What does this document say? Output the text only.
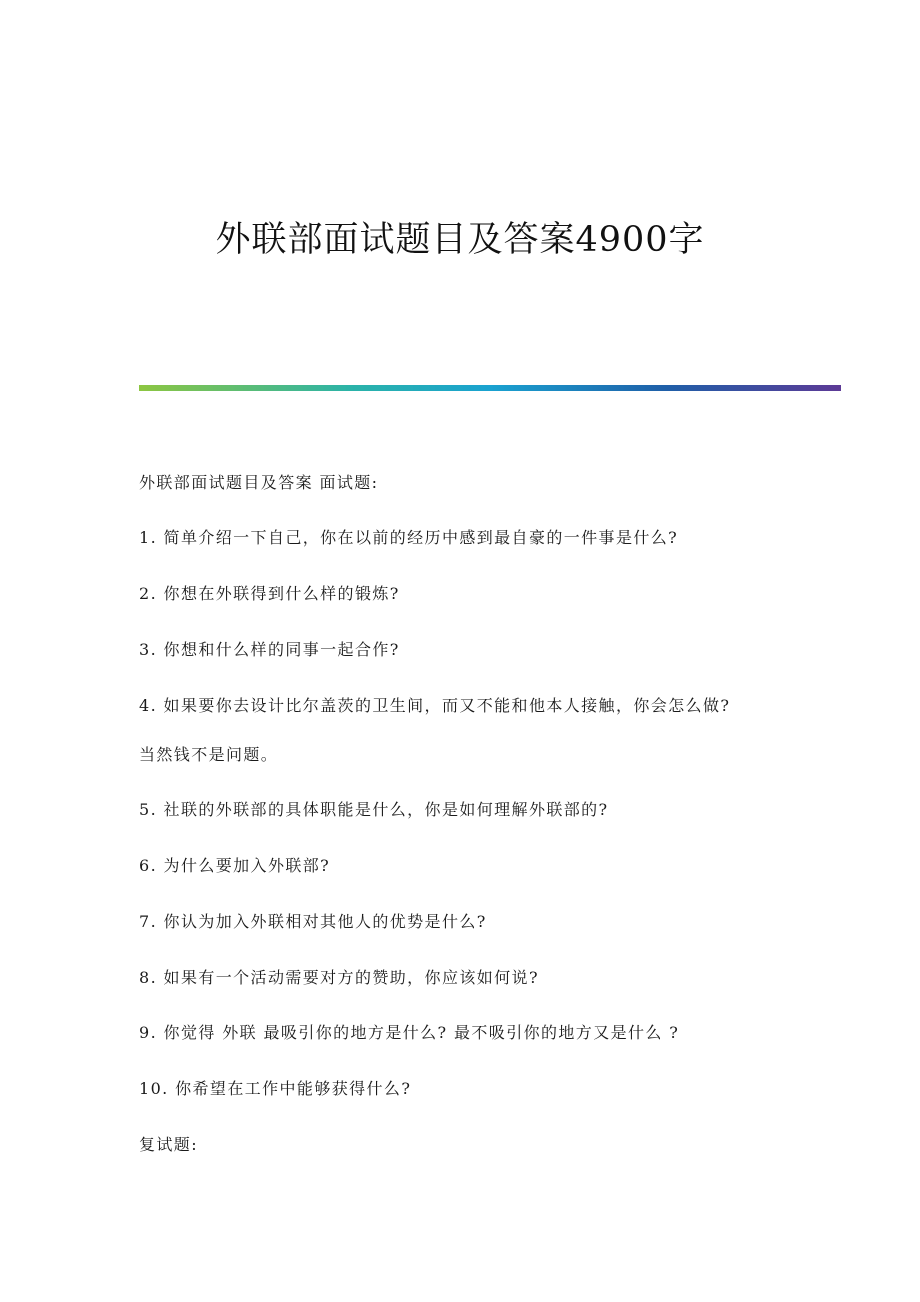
外联部面试题目及答案4900字

外联部面试题目及答案 面试题:

1. 简单介绍一下自己，你在以前的经历中感到最自豪的一件事是什么?

2. 你想在外联得到什么样的锻炼?

3. 你想和什么样的同事一起合作?

4. 如果要你去设计比尔盖茨的卫生间，而又不能和他本人接触，你会怎么做?

当然钱不是问题。

5. 社联的外联部的具体职能是什么，你是如何理解外联部的?

6. 为什么要加入外联部?

7. 你认为加入外联相对其他人的优势是什么?

8. 如果有一个活动需要对方的赞助，你应该如何说?

9. 你觉得 外联 最吸引你的地方是什么? 最不吸引你的地方又是什么 ?

10. 你希望在工作中能够获得什么?

复试题:
